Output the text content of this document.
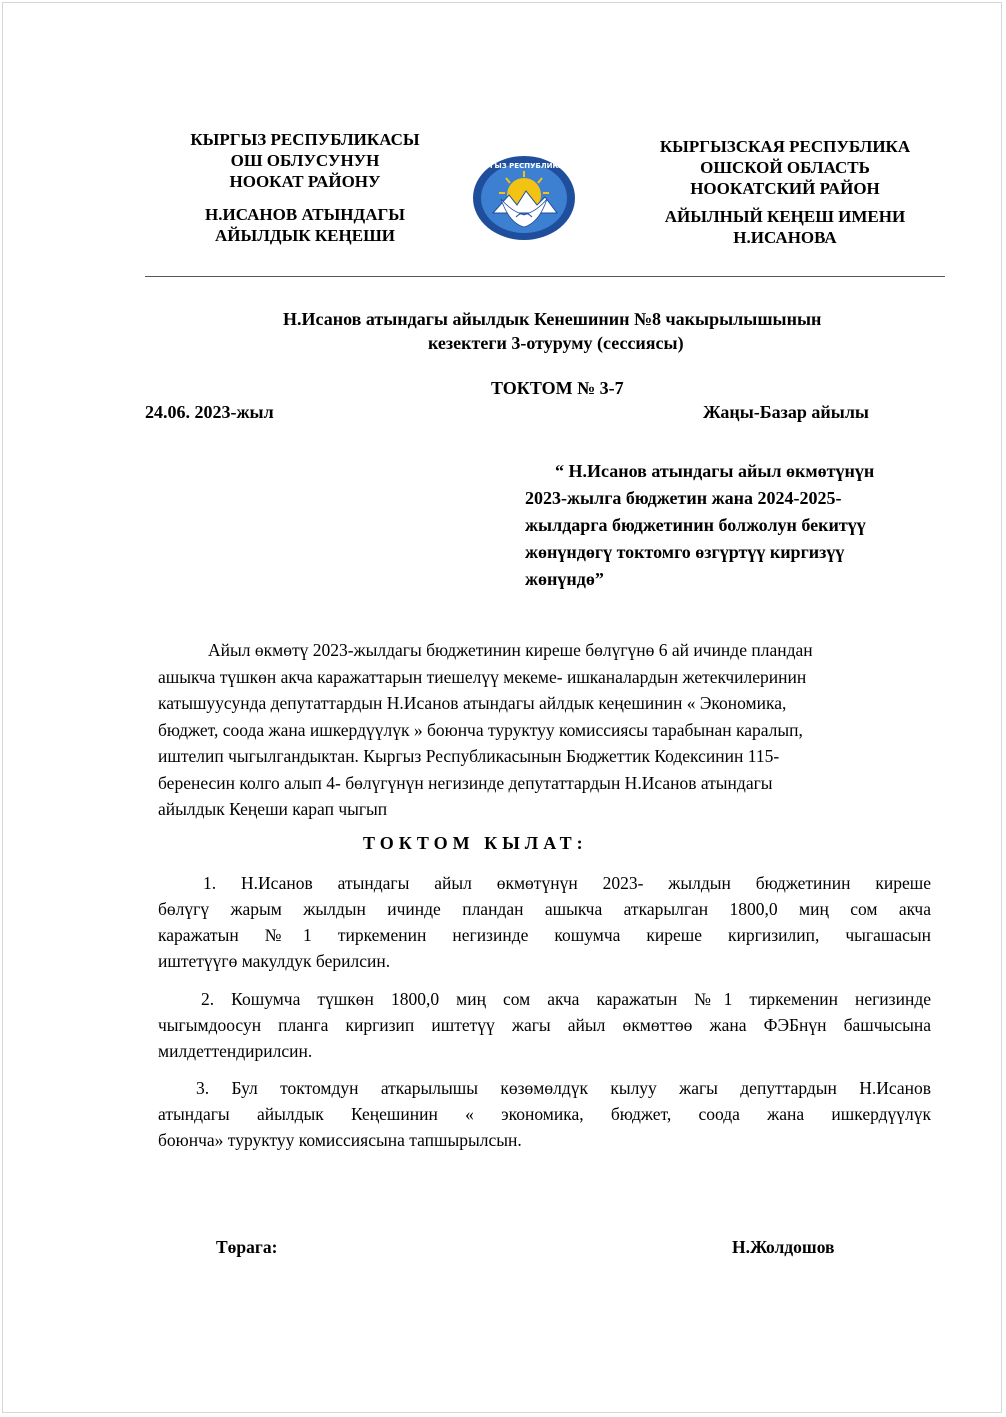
КЫРГЫЗ РЕСПУБЛИКАСЫ
ОШ ОБЛУСУНУН
НООКАТ РАЙОНУ
Н.ИСАНОВ АТЫНДАГЫ
АЙЫЛДЫК КЕҢЕШИ
КЫРГЫЗ РЕСПУБЛИКАСЫ
КЫРГЫЗСКАЯ РЕСПУБЛИКА
ОШСКОЙ ОБЛАСТЬ
НООКАТСКИЙ РАЙОН
АЙЫЛНЫЙ КЕҢЕШ ИМЕНИ
Н.ИСАНОВА
Н.Исанов атындагы айылдык Кенешинин №8 чакырылышынын
кезектеги 3-отуруму (сессиясы)
ТОКТОМ № 3-7
24.06. 2023-жыл	Жаңы-Базар айылы
“ Н.Исанов атындагы айыл өкмөтүнүн
2023-жылга бюджетин жана 2024-2025-
жылдарга бюджетинин болжолун бекитүү
жөнүндөгү токтомго өзгүртүү киргизүү
жөнүндө”
Айыл өкмөтү 2023-жылдагы бюджетинин киреше бөлүгүнө 6 ай ичинде пландан
ашыкча түшкөн акча каражаттарын тиешелүү мекеме- ишканалардын жетекчилеринин
катышуусунда депутаттардын Н.Исанов атындагы айлдык кеңешинин « Экономика,
бюджет, соода жана ишкердүүлүк » боюнча туруктуу комиссиясы тарабынан каралып,
иштелип чыгылгандыктан. Кыргыз Республикасынын Бюджеттик Кодексинин 115-
беренесин колго алып 4- бөлүгүнүн негизинде депутаттардын Н.Исанов атындагы
айылдык Кеңеши карап чыгып
ТОКТОМ КЫЛАТ:
1. Н.Исанов атындагы айыл өкмөтүнүн 2023- жылдын бюджетинин киреше
бөлүгү жарым жылдын ичинде пландан ашыкча аткарылган 1800,0 миң сом акча
каражатын №1 тиркеменин негизинде кошумча киреше киргизилип, чыгашасын
иштетүүгө макулдук берилсин.
2. Кошумча түшкөн 1800,0 миң сом акча каражатын №1 тиркеменин негизинде
чыгымдоосун планга киргизип иштетүү жагы айыл өкмөттөө жана ФЭБнүн башчысына
милдеттендирилсин.
3. Бул токтомдун аткарылышы көзөмөлдүк кылуу жагы депуттардын Н.Исанов
атындагы айылдык Кеңешинин « экономика, бюджет, соода жана ишкердүүлүк
боюнча» туруктуу комиссиясына тапшырылсын.
Төрага:	Н.Жолдошов
